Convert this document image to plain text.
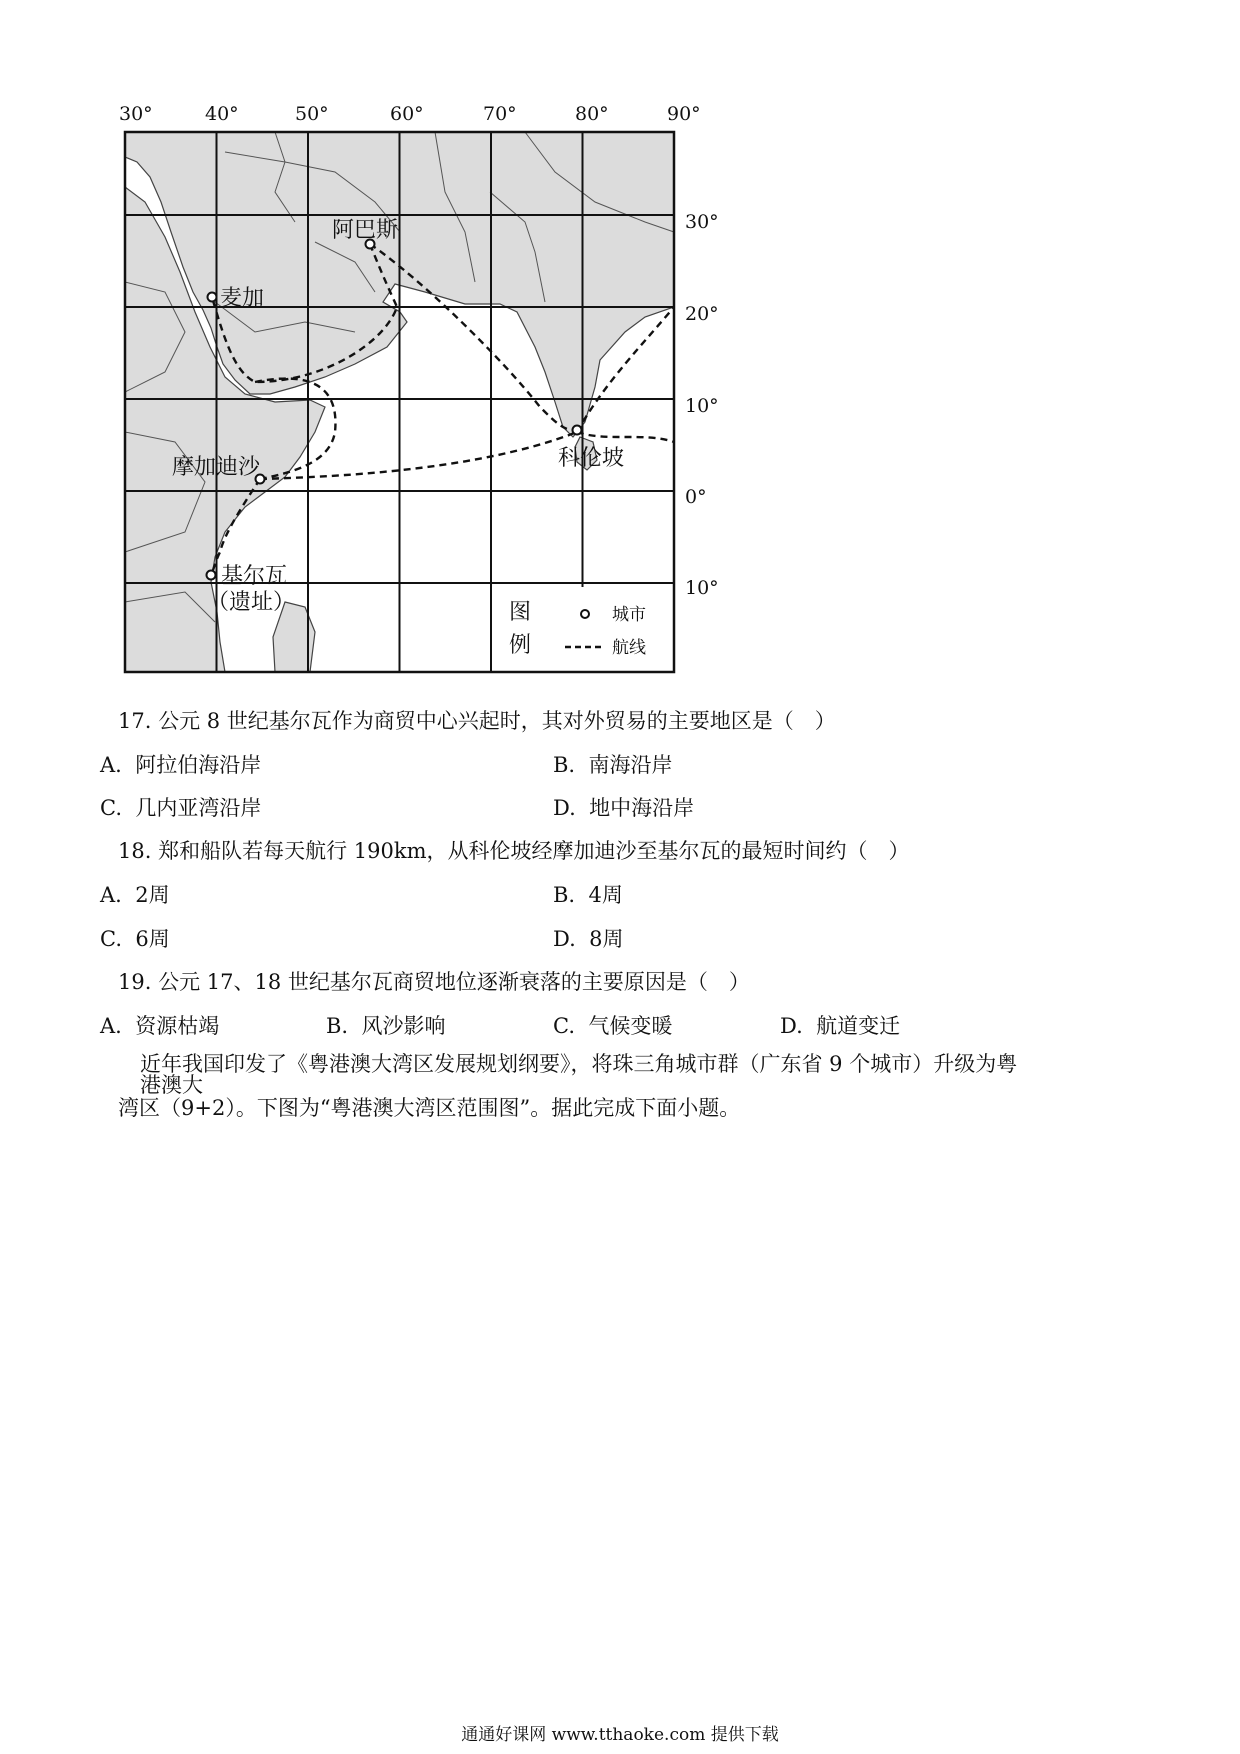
30°	40°	50°	60°	70°	80°	90°
30°
20°
10°
0°
10°
阿巴斯
麦加
摩加迪沙	科伦坡
基尔瓦
（遗址）	图
例
城市
航线
17. 公元 8 世纪基尔瓦作为商贸中心兴起时，其对外贸易的主要地区是（　）
A. 阿拉伯海沿岸	B. 南海沿岸
C. 几内亚湾沿岸	D. 地中海沿岸
18. 郑和船队若每天航行 190km，从科伦坡经摩加迪沙至基尔瓦的最短时间约（　）
A. 2周	B. 4周
C. 6周	D. 8周
19. 公元 17、18 世纪基尔瓦商贸地位逐渐衰落的主要原因是（　）
A. 资源枯竭	B. 风沙影响	C. 气候变暖	D. 航道变迁
近年我国印发了《粤港澳大湾区发展规划纲要》，将珠三角城市群（广东省 9 个城市）升级为粤港澳大
湾区（9+2）。下图为“粤港澳大湾区范围图”。据此完成下面小题。
通通好课网 www.tthaoke.com 提供下载
